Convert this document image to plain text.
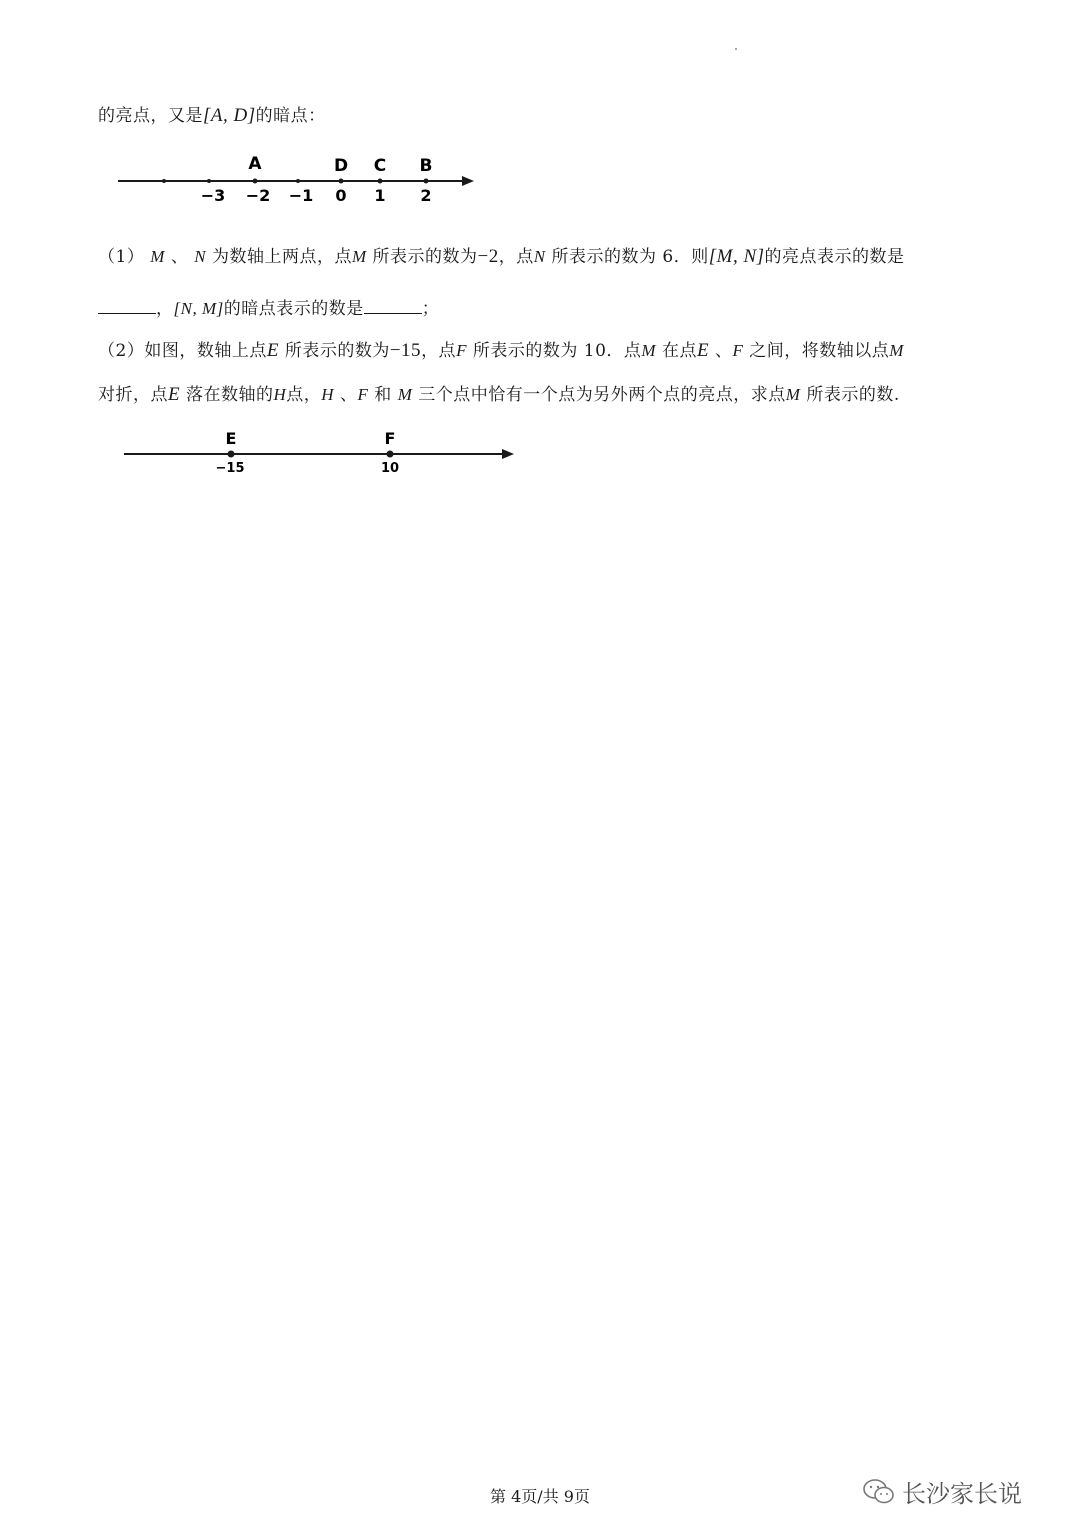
的亮点，又是[A, D]的暗点：
A	D C B
−3 −2 −1 0 1 2
（1） M 、 N 为数轴上两点，点M 所表示的数为−2，点N 所表示的数为 6．则[M, N]的亮点表示的数是
，[N, M]的暗点表示的数是	；
（2）如图，数轴上点E 所表示的数为−15，点F 所表示的数为 10．点M 在点E 、F 之间，将数轴以点M
对折，点E 落在数轴的H点，H 、F 和 M 三个点中恰有一个点为另外两个点的亮点，求点M 所表示的数.
E	F
−15	10
第 4页/共 9页	长沙家长说
